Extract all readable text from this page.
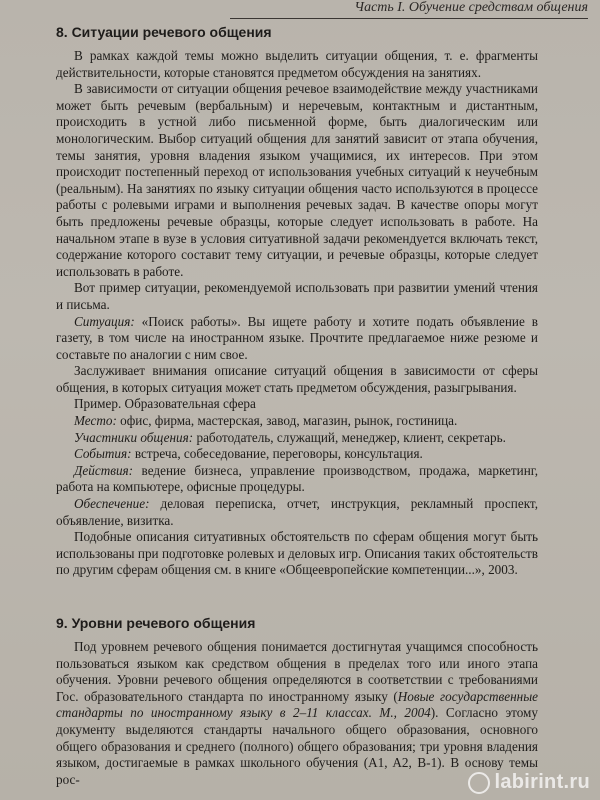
Часть I. Обучение средствам общения
8. Ситуации речевого общения

В рамках каждой темы можно выделить ситуации общения, т. е. фрагменты действительности, которые становятся предметом обсуждения на занятиях.

В зависимости от ситуации общения речевое взаимодействие между участниками может быть речевым (вербальным) и неречевым, контактным и дистантным, происходить в устной либо письменной форме, быть диалогическим или монологическим. Выбор ситуаций общения для занятий зависит от этапа обучения, темы занятия, уровня владения языком учащимися, их интересов. При этом происходит постепенный переход от использования учебных ситуаций к неучебным (реальным). На занятиях по языку ситуации общения часто используются в процессе работы с ролевыми играми и выполнения речевых задач. В качестве опоры могут быть предложены речевые образцы, которые следует использовать в работе. На начальном этапе в вузе в условия ситуативной задачи рекомендуется включать текст, содержание которого составит тему ситуации, и речевые образцы, которые следует использовать в работе.

Вот пример ситуации, рекомендуемой использовать при развитии умений чтения и письма.

Ситуация: «Поиск работы». Вы ищете работу и хотите подать объявление в газету, в том числе на иностранном языке. Прочтите предлагаемое ниже резюме и составьте по аналогии с ним свое.

Заслуживает внимания описание ситуаций общения в зависимости от сферы общения, в которых ситуация может стать предметом обсуждения, разыгрывания.

Пример. Образовательная сфера

Место: офис, фирма, мастерская, завод, магазин, рынок, гостиница.

Участники общения: работодатель, служащий, менеджер, клиент, секретарь.

События: встреча, собеседование, переговоры, консультация.

Действия: ведение бизнеса, управление производством, продажа, маркетинг, работа на компьютере, офисные процедуры.

Обеспечение: деловая переписка, отчет, инструкция, рекламный проспект, объявление, визитка.

Подобные описания ситуативных обстоятельств по сферам общения могут быть использованы при подготовке ролевых и деловых игр. Описания таких обстоятельств по другим сферам общения см. в книге «Общеевропейские компетенции...», 2003.

9. Уровни речевого общения

Под уровнем речевого общения понимается достигнутая учащимся способность пользоваться языком как средством общения в пределах того или иного этапа обучения. Уровни речевого общения определяются в соответствии с требованиями Гос. образовательного стандарта по иностранному языку (Новые государственные стандарты по иностранному языку в 2–11 классах. М., 2004). Согласно этому документу выделяются стандарты начального общего образования, основного общего образования и среднего (полного) общего образования; три уровня владения языком, достигаемые в рамках школьного обучения (A1, A2, B-1). В основу темы рос-	labirint.ru
